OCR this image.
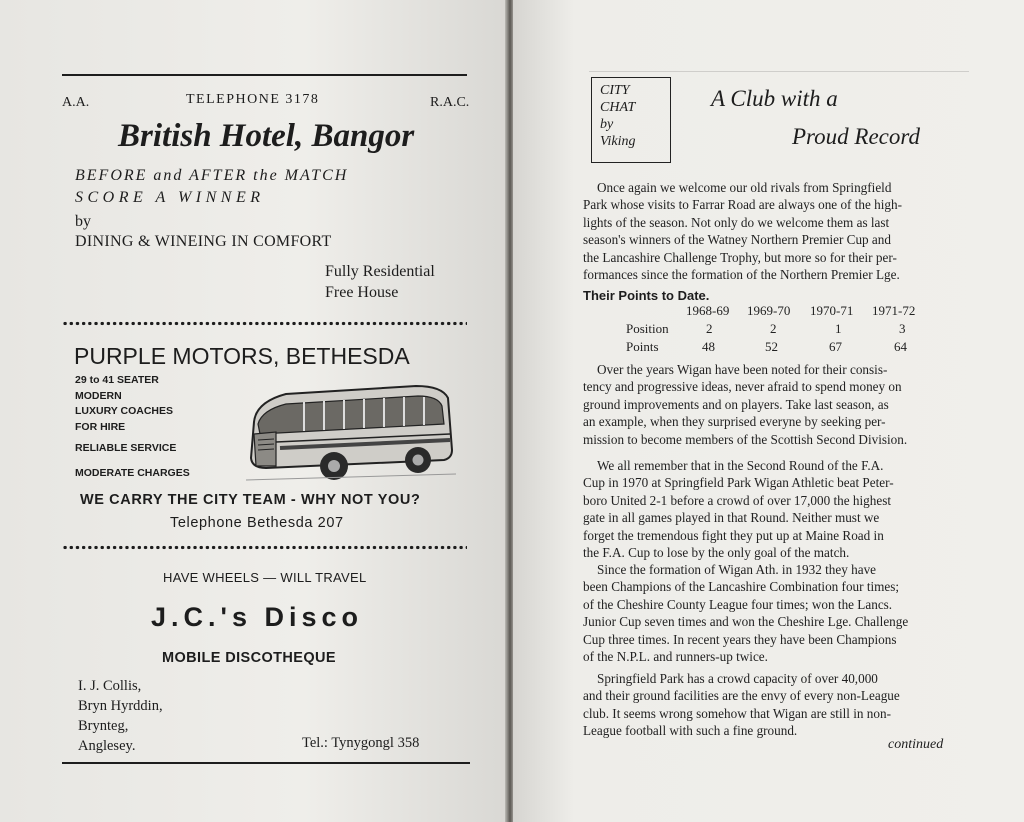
A.A.	TELEPHONE 3178	R.A.C.
British Hotel, Bangor
BEFORE and AFTER the MATCH
SCORE A WINNER
by
DINING & WINEING IN COMFORT
Fully Residential
Free House
PURPLE MOTORS, BETHESDA
29 to 41 SEATER
MODERN
LUXURY COACHES
FOR HIRE
RELIABLE SERVICE
MODERATE CHARGES
WE CARRY THE CITY TEAM - WHY NOT YOU?
Telephone Bethesda 207
HAVE WHEELS — WILL TRAVEL
J.C.'s Disco
MOBILE DISCOTHEQUE
I. J. Collis,
Bryn Hyrddin,
Brynteg,
Anglesey.	Tel.: Tynygongl 358
CITY
CHAT
by
Viking
A Club with a
Proud Record
Once again we welcome our old rivals from Springfield
Park whose visits to Farrar Road are always one of the high-
lights of the season. Not only do we welcome them as last
season's winners of the Watney Northern Premier Cup and
the Lancashire Challenge Trophy, but more so for their per-
formances since the formation of the Northern Premier Lge.
Their Points to Date.
1968-69 1969-70 1970-71 1971-72
Position	2	2	1	3
Points	48	52	67	64
Over the years Wigan have been noted for their consis-
tency and progressive ideas, never afraid to spend money on
ground improvements and on players. Take last season, as
an example, when they surprised everyne by seeking per-
mission to become members of the Scottish Second Division.
We all remember that in the Second Round of the F.A.
Cup in 1970 at Springfield Park Wigan Athletic beat Peter-
boro United 2-1 before a crowd of over 17,000 the highest
gate in all games played in that Round. Neither must we
forget the tremendous fight they put up at Maine Road in
the F.A. Cup to lose by the only goal of the match.
Since the formation of Wigan Ath. in 1932 they have
been Champions of the Lancashire Combination four times;
of the Cheshire County League four times; won the Lancs.
Junior Cup seven times and won the Cheshire Lge. Challenge
Cup three times. In recent years they have been Champions
of the N.P.L. and runners-up twice.
Springfield Park has a crowd capacity of over 40,000
and their ground facilities are the envy of every non-League
club. It seems wrong somehow that Wigan are still in non-
League football with such a fine ground.
continued
